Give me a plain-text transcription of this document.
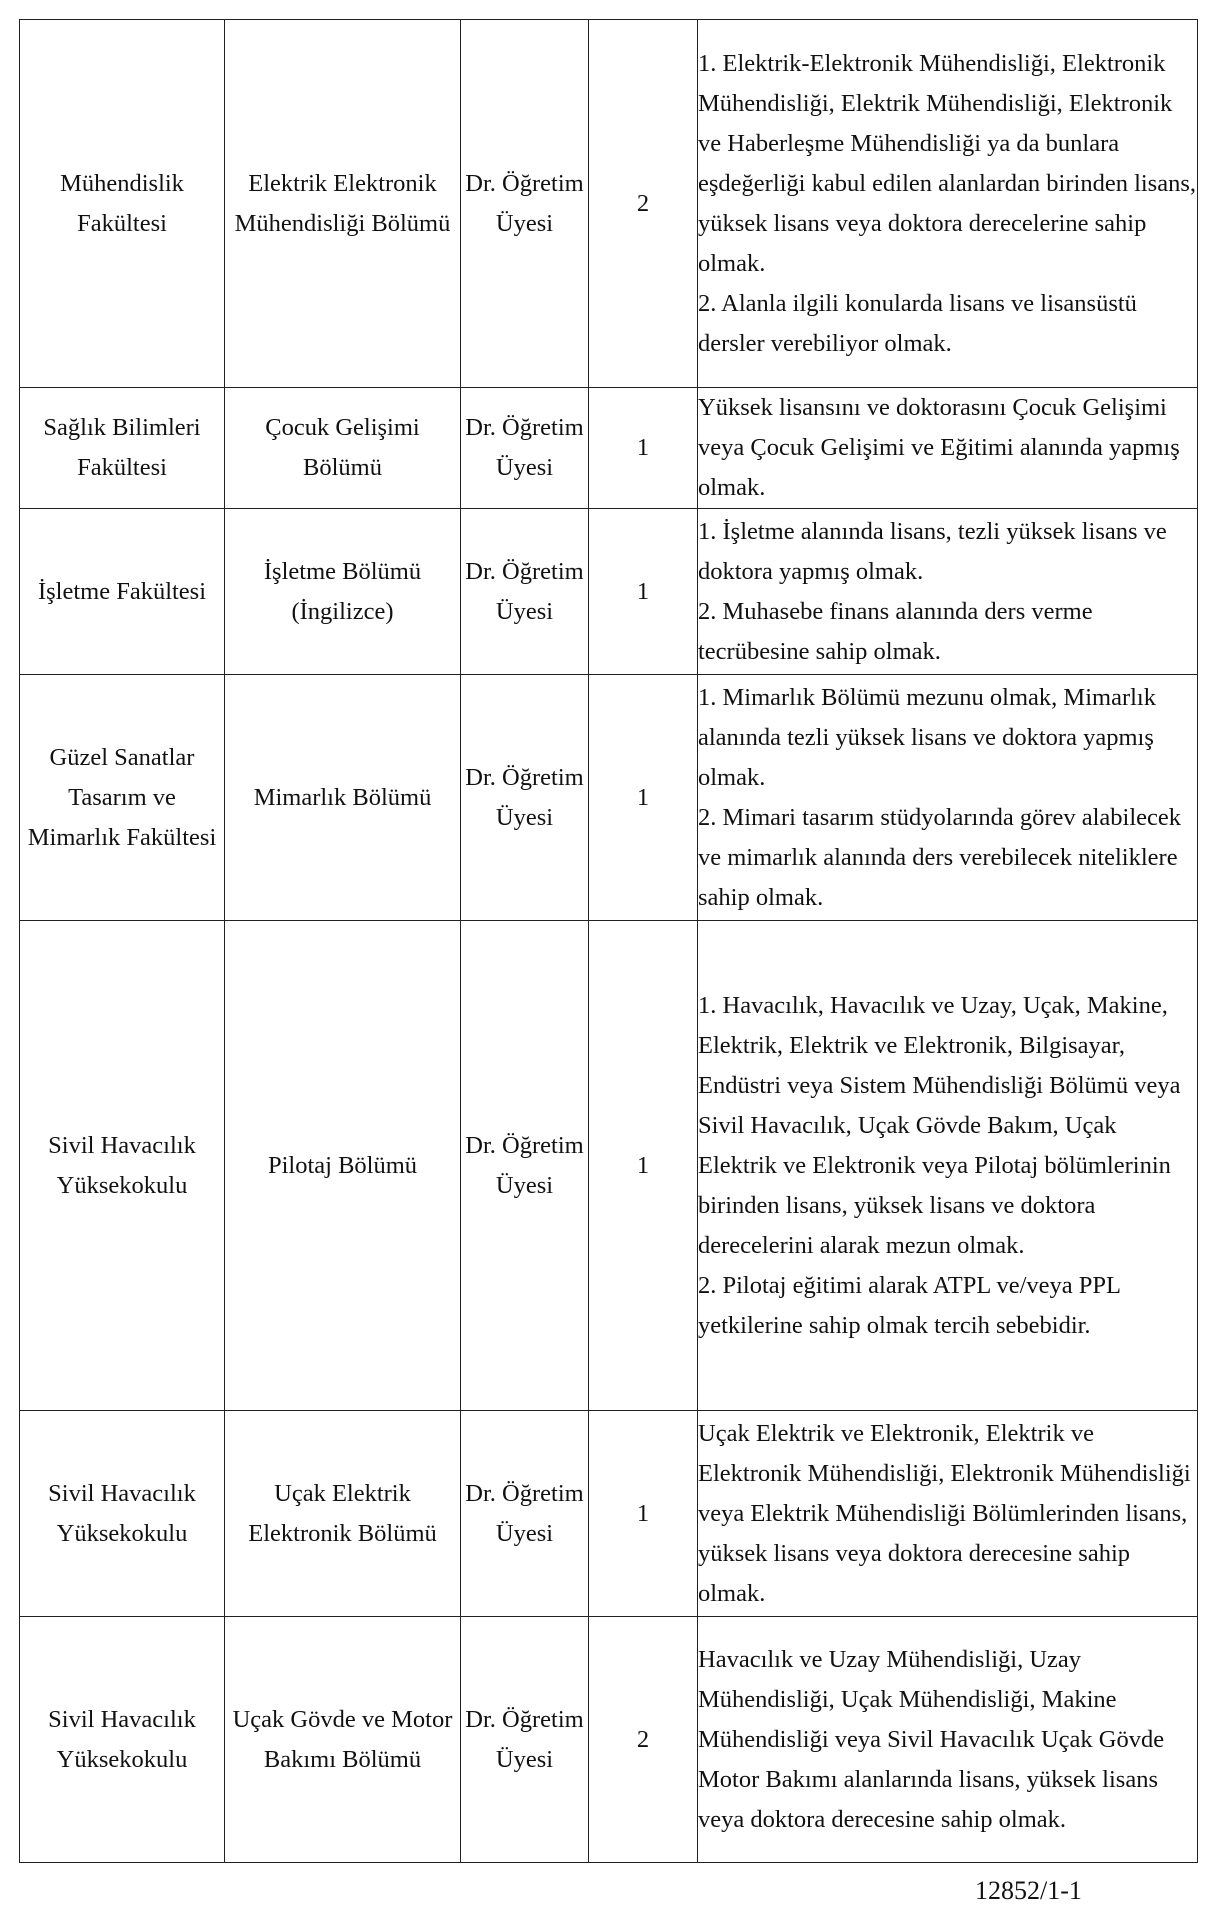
Mühendislik Fakültesi	Elektrik Elektronik Mühendisliği Bölümü	Dr. Öğretim Üyesi	2	1. Elektrik-Elektronik Mühendisliği, Elektronik Mühendisliği, Elektrik Mühendisliği, Elektronik ve Haberleşme Mühendisliği ya da bunlara eşdeğerliği kabul edilen alanlardan birinden lisans, yüksek lisans veya doktora derecelerine sahip olmak.
2. Alanla ilgili konularda lisans ve lisansüstü dersler verebiliyor olmak.

Sağlık Bilimleri Fakültesi	Çocuk Gelişimi Bölümü	Dr. Öğretim Üyesi	1	Yüksek lisansını ve doktorasını Çocuk Gelişimi veya Çocuk Gelişimi ve Eğitimi alanında yapmış olmak.

İşletme Fakültesi	İşletme Bölümü (İngilizce)	Dr. Öğretim Üyesi	1	1. İşletme alanında lisans, tezli yüksek lisans ve doktora yapmış olmak.
2. Muhasebe finans alanında ders verme tecrübesine sahip olmak.

Güzel Sanatlar Tasarım ve Mimarlık Fakültesi	Mimarlık Bölümü	Dr. Öğretim Üyesi	1	1. Mimarlık Bölümü mezunu olmak, Mimarlık alanında tezli yüksek lisans ve doktora yapmış olmak.
2. Mimari tasarım stüdyolarında görev alabilecek ve mimarlık alanında ders verebilecek niteliklere sahip olmak.

Sivil Havacılık Yüksekokulu	Pilotaj Bölümü	Dr. Öğretim Üyesi	1	1. Havacılık, Havacılık ve Uzay, Uçak, Makine, Elektrik, Elektrik ve Elektronik, Bilgisayar, Endüstri veya Sistem Mühendisliği Bölümü veya Sivil Havacılık, Uçak Gövde Bakım, Uçak Elektrik ve Elektronik veya Pilotaj bölümlerinin birinden lisans, yüksek lisans ve doktora derecelerini alarak mezun olmak.
2. Pilotaj eğitimi alarak ATPL ve/veya PPL yetkilerine sahip olmak tercih sebebidir.

Sivil Havacılık Yüksekokulu	Uçak Elektrik Elektronik Bölümü	Dr. Öğretim Üyesi	1	Uçak Elektrik ve Elektronik, Elektrik ve Elektronik Mühendisliği, Elektronik Mühendisliği veya Elektrik Mühendisliği Bölümlerinden lisans, yüksek lisans veya doktora derecesine sahip olmak.

Sivil Havacılık Yüksekokulu	Uçak Gövde ve Motor Bakımı Bölümü	Dr. Öğretim Üyesi	2	Havacılık ve Uzay Mühendisliği, Uzay Mühendisliği, Uçak Mühendisliği, Makine Mühendisliği veya Sivil Havacılık Uçak Gövde Motor Bakımı alanlarında lisans, yüksek lisans veya doktora derecesine sahip olmak.
12852/1-1
